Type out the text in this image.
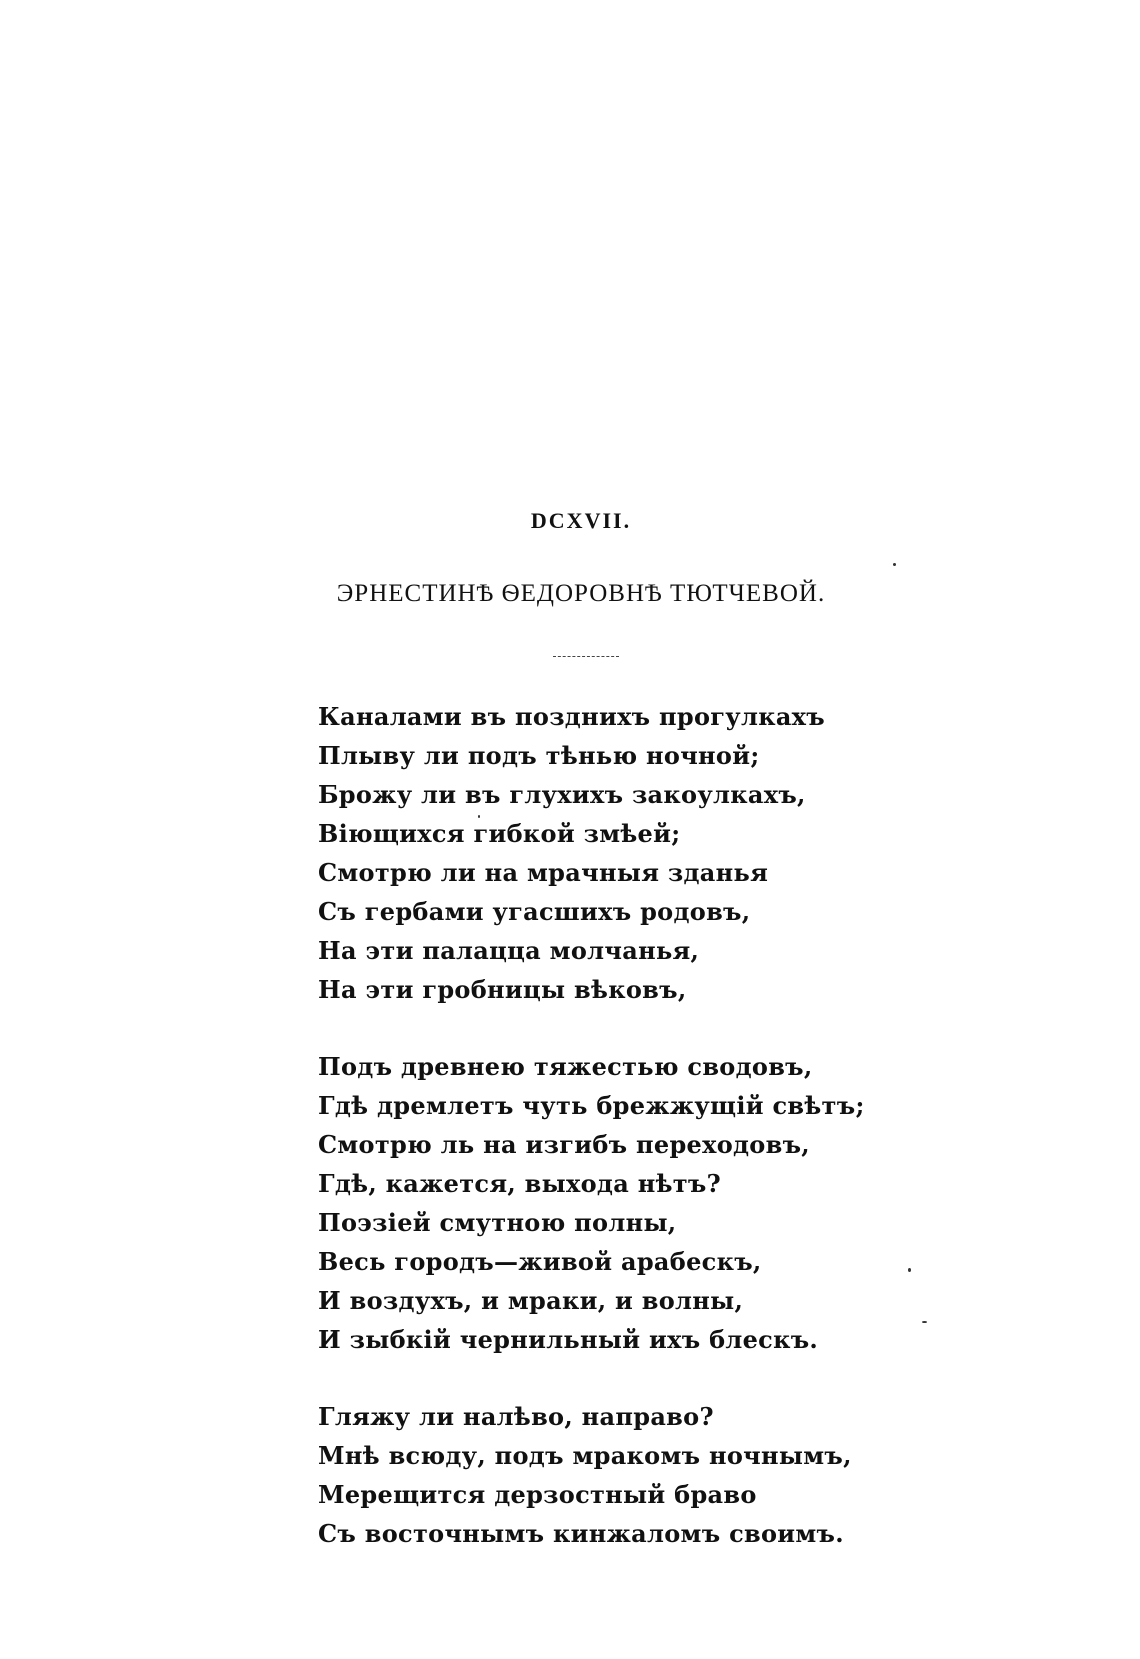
DCXVII.
ЭРНЕСТИНѢ ѲЕДОРОВНѢ ТЮТЧЕВОЙ.
Каналами въ позднихъ прогулкахъ
Плыву ли подъ тѣнью ночной;
Брожу ли въ глухихъ закоулкахъ,
Віющихся гибкой змѣей;
Смотрю ли на мрачныя зданья
Съ гербами угасшихъ родовъ,
На эти палацца молчанья,
На эти гробницы вѣковъ,
Подъ древнею тяжестью сводовъ,
Гдѣ дремлетъ чуть брежжущій свѣтъ;
Смотрю ль на изгибъ переходовъ,
Гдѣ, кажется, выхода нѣтъ?
Поэзіей смутною полны,
Весь городъ—живой арабескъ,
И воздухъ, и мраки, и волны,
И зыбкій чернильный ихъ блескъ.
Гляжу ли налѣво, направо?
Мнѣ всюду, подъ мракомъ ночнымъ,
Мерещится дерзостный браво
Съ восточнымъ кинжаломъ своимъ.
